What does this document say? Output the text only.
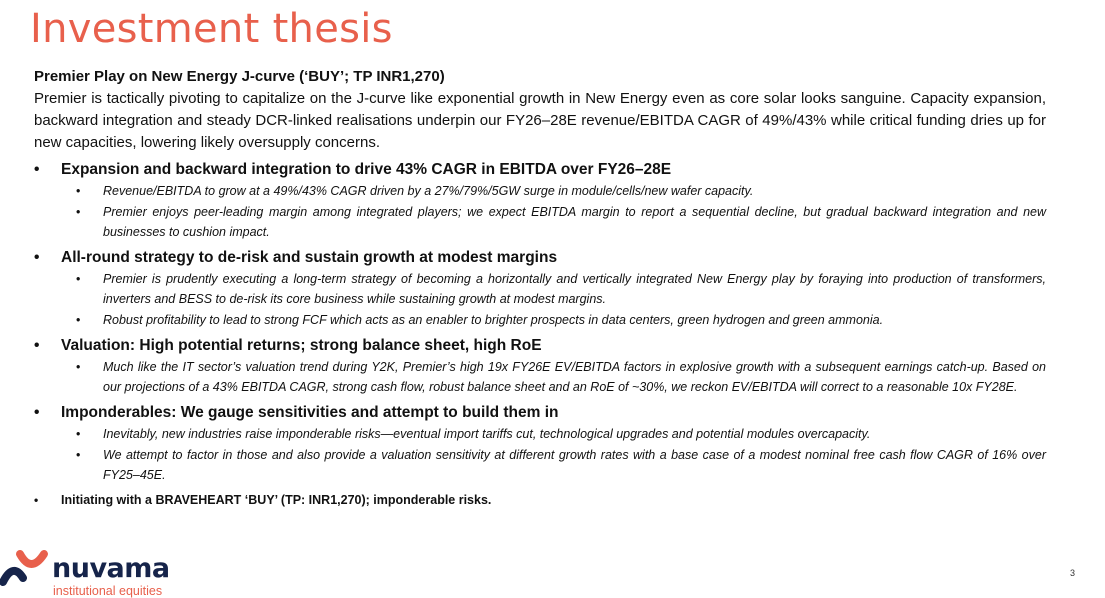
Investment thesis
Premier Play on New Energy J-curve (‘BUY’; TP INR1,270)

Premier is tactically pivoting to capitalize on the J-curve like exponential growth in New Energy even as core solar looks sanguine. Capacity expansion, backward integration and steady DCR-linked realisations underpin our FY26–28E revenue/EBITDA CAGR of 49%/43% while critical funding dries up for new capacities, lowering likely oversupply concerns.

• Expansion and backward integration to drive 43% CAGR in EBITDA over FY26–28E
• Revenue/EBITDA to grow at a 49%/43% CAGR driven by a 27%/79%/5GW surge in module/cells/new wafer capacity.
• Premier enjoys peer-leading margin among integrated players; we expect EBITDA margin to report a sequential decline, but gradual backward integration and new businesses to cushion impact.
• All-round strategy to de-risk and sustain growth at modest margins
• Premier is prudently executing a long-term strategy of becoming a horizontally and vertically integrated New Energy play by foraying into production of transformers, inverters and BESS to de-risk its core business while sustaining growth at modest margins.
• Robust profitability to lead to strong FCF which acts as an enabler to brighter prospects in data centers, green hydrogen and green ammonia.
• Valuation: High potential returns; strong balance sheet, high RoE
• Much like the IT sector’s valuation trend during Y2K, Premier’s high 19x FY26E EV/EBITDA factors in explosive growth with a subsequent earnings catch-up. Based on our projections of a 43% EBITDA CAGR, strong cash flow, robust balance sheet and an RoE of ~30%, we reckon EV/EBITDA will correct to a reasonable 10x FY28E.
• Imponderables: We gauge sensitivities and attempt to build them in
• Inevitably, new industries raise imponderable risks—eventual import tariffs cut, technological upgrades and potential modules overcapacity.
• We attempt to factor in those and also provide a valuation sensitivity at different growth rates with a base case of a modest nominal free cash flow CAGR of 16% over FY25–45E.
• Initiating with a BRAVEHEART ‘BUY’ (TP: INR1,270); imponderable risks.
nuvama
institutional equities
3
